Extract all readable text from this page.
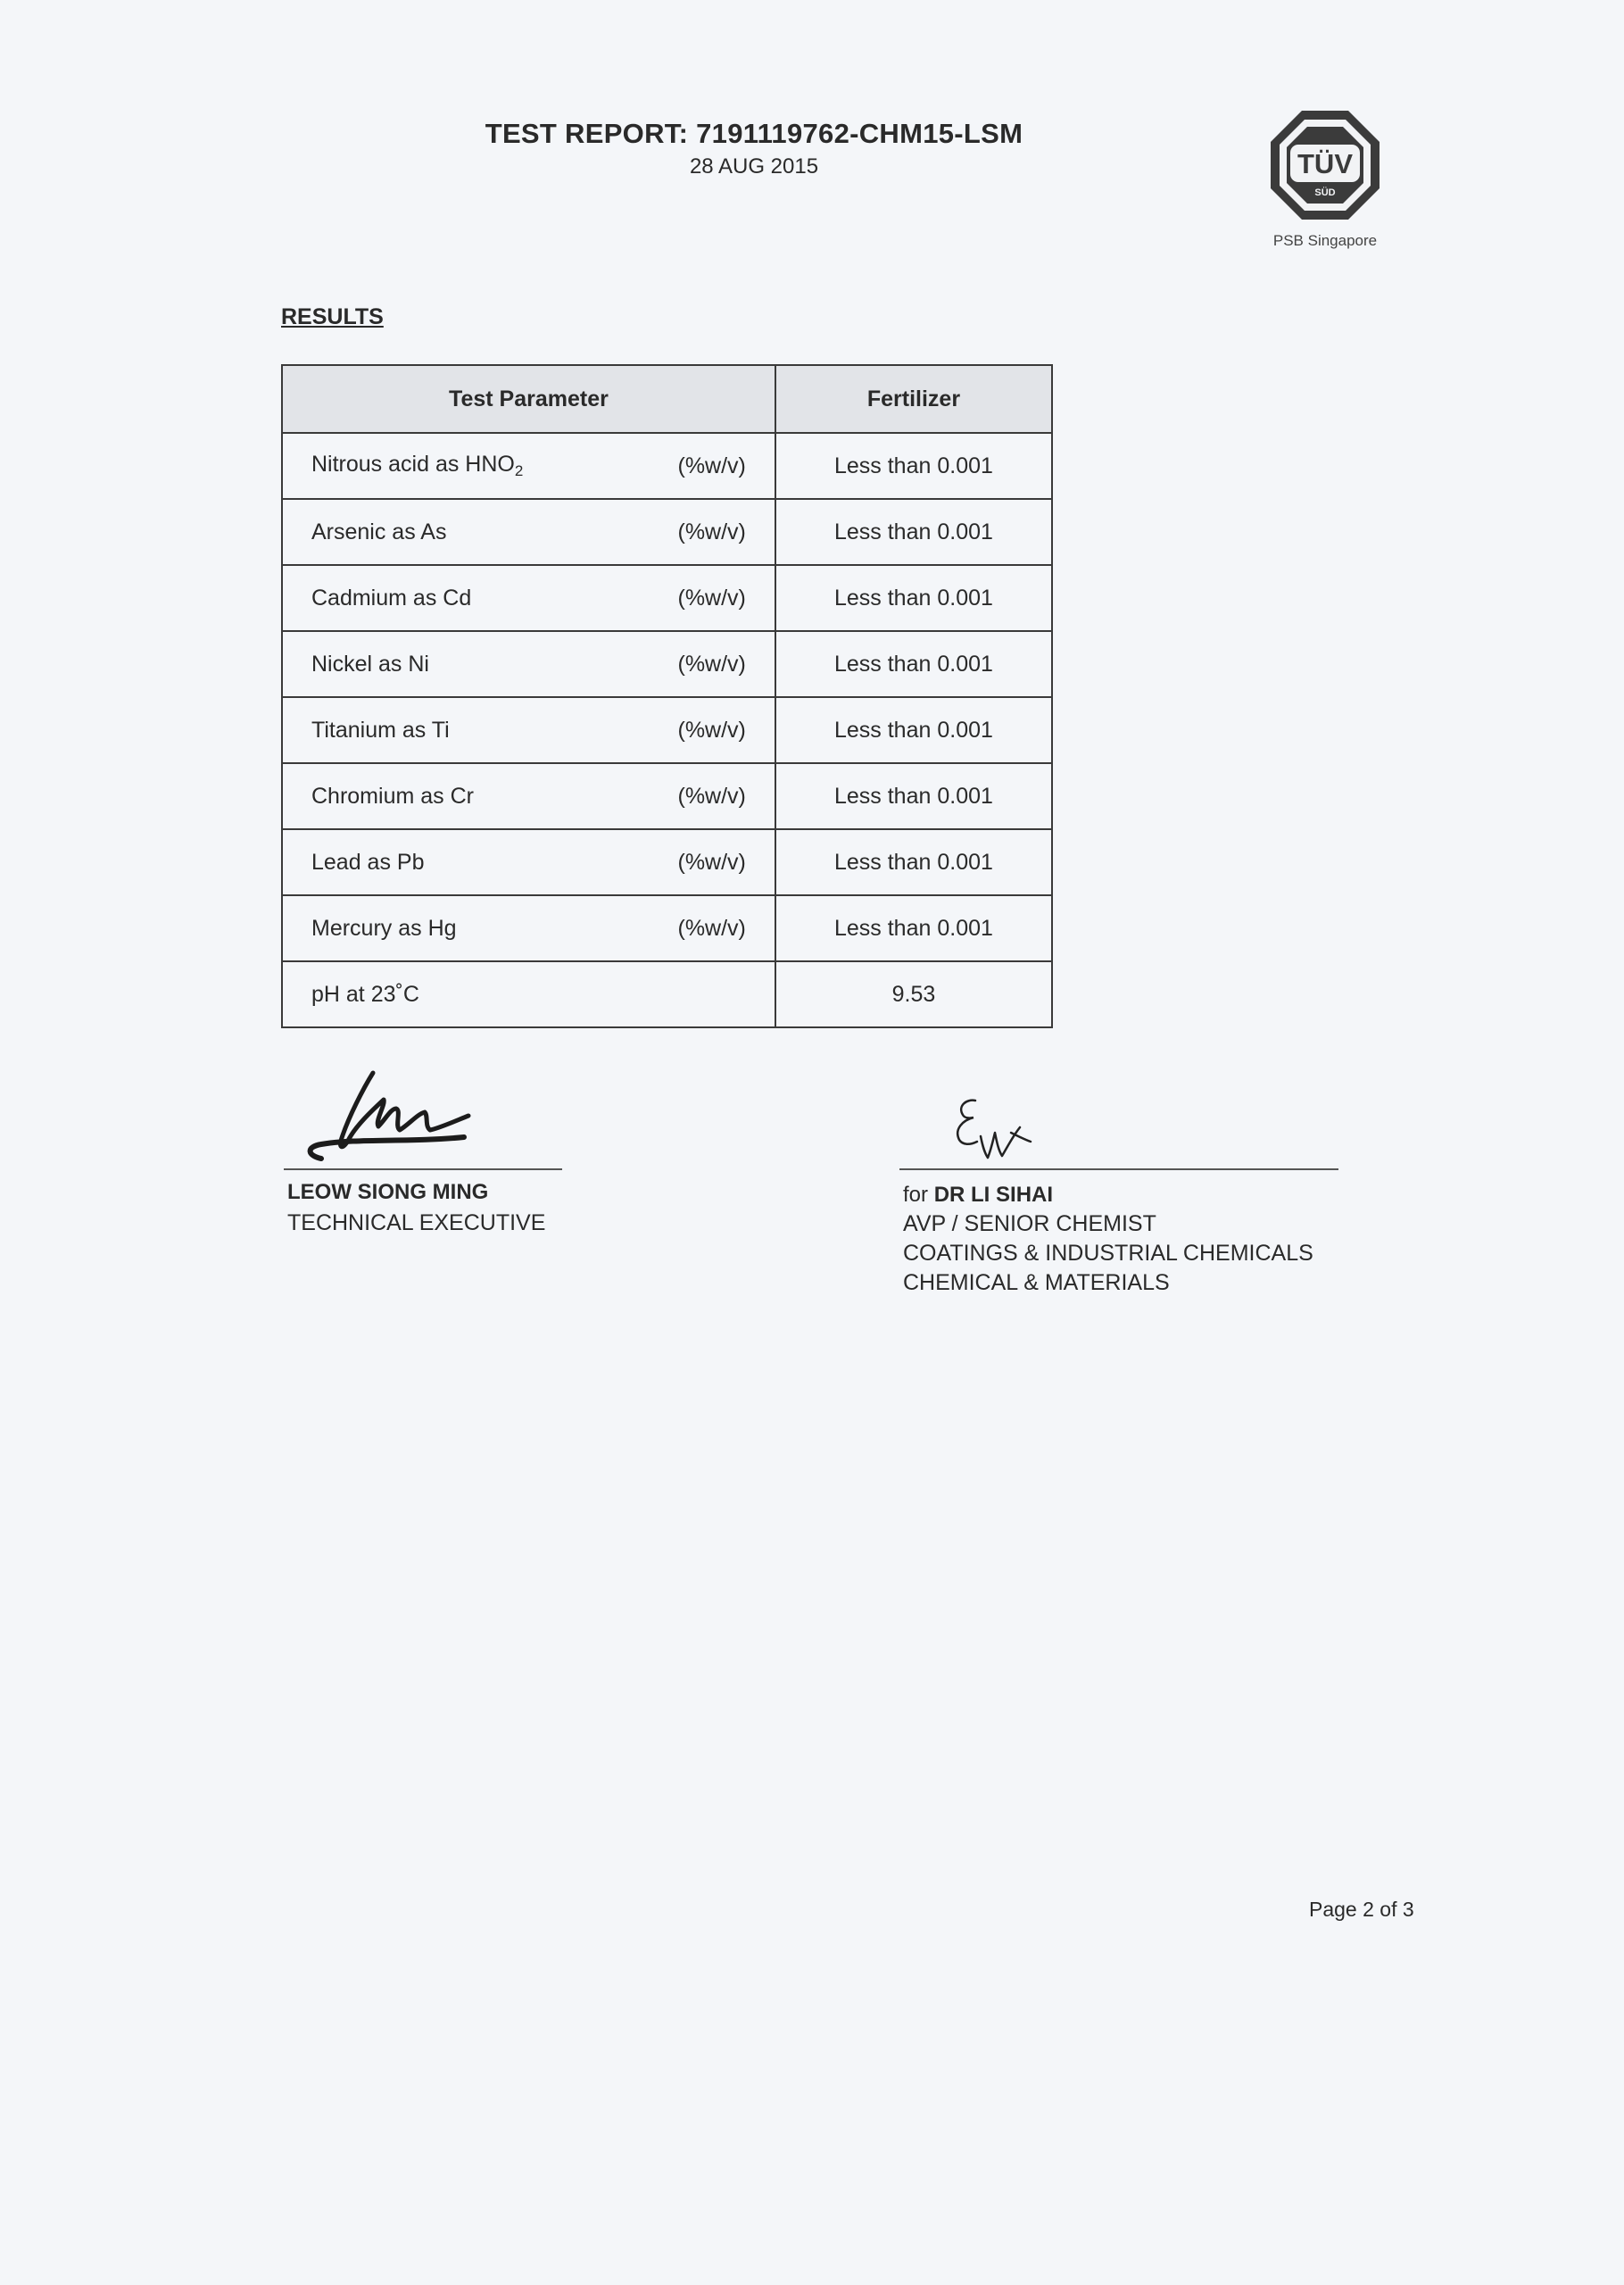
TEST REPORT: 7191119762-CHM15-LSM
28 AUG 2015	TÜV
SÜD
PSB Singapore
RESULTS
Test Parameter		Fertilizer
Nitrous acid as $HNO_2$	(%w/v)	Less than 0.001
Arsenic as As	(%w/v)	Less than 0.001
Cadmium as Cd	(%w/v)	Less than 0.001
Nickel as Ni	(%w/v)	Less than 0.001
Titanium as Ti	(%w/v)	Less than 0.001
Chromium as Cr	(%w/v)	Less than 0.001
Lead as Pb	(%w/v)	Less than 0.001
Mercury as Hg	(%w/v)	Less than 0.001
pH at 23˚C		9.53
LEOW SIONG MING
TECHNICAL EXECUTIVE
for DR LI SIHAI
AVP / SENIOR CHEMIST
COATINGS & INDUSTRIAL CHEMICALS
CHEMICAL & MATERIALS
Page 2 of 3
